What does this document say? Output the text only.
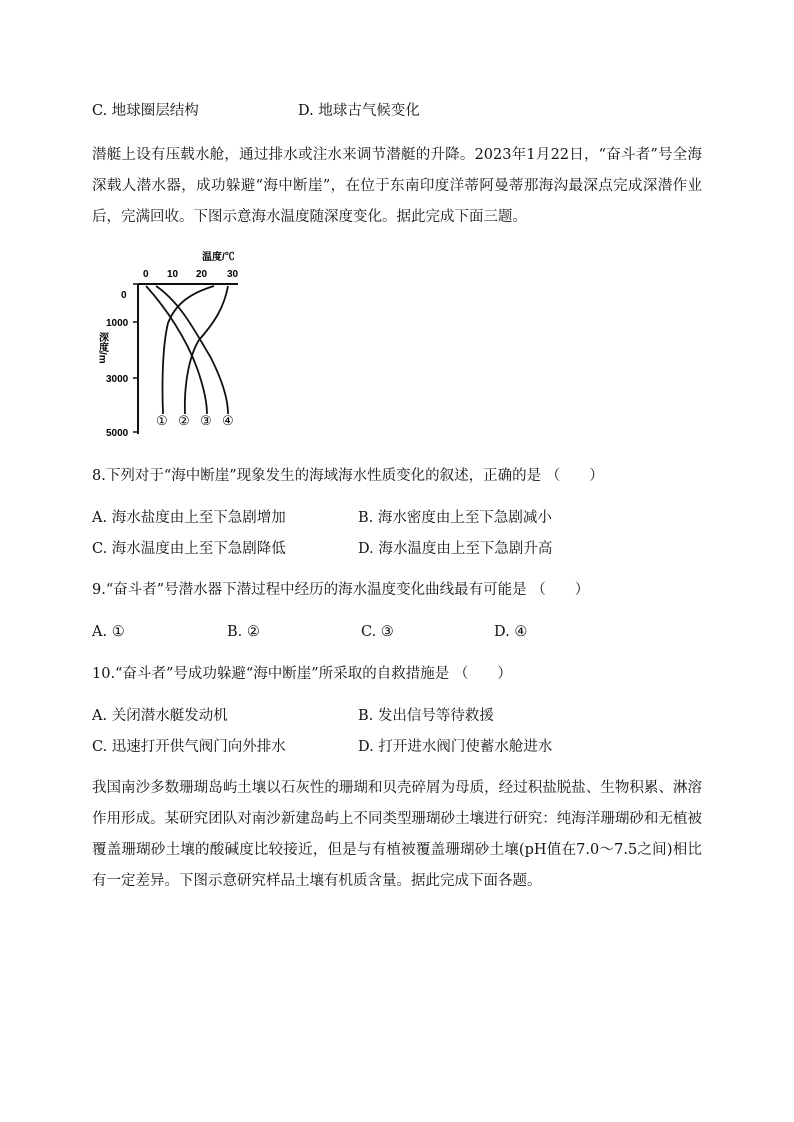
C. 地球圈层结构	D. 地球古气候变化
潜艇上设有压载水舱，通过排水或注水来调节潜艇的升降。2023年1月22日，“奋斗者”号全海深载人潜水器，成功躲避“海中断崖”，在位于东南印度洋蒂阿曼蒂那海沟最深点完成深潜作业后，完满回收。下图示意海水温度随深度变化。据此完成下面三题。
温度/℃
0 10 20 30
0
1000
3000
5000
深度/m
① ② ③ ④
8.下列对于“海中断崖”现象发生的海域海水性质变化的叙述，正确的是 （　　）
A. 海水盐度由上至下急剧增加	B. 海水密度由上至下急剧减小
C. 海水温度由上至下急剧降低	D. 海水温度由上至下急剧升高
9.“奋斗者”号潜水器下潜过程中经历的海水温度变化曲线最有可能是 （　　）
A. ①	B. ②	C. ③	D. ④
10.“奋斗者”号成功躲避“海中断崖”所采取的自救措施是 （　　）
A. 关闭潜水艇发动机	B. 发出信号等待救援
C. 迅速打开供气阀门向外排水	D. 打开进水阀门使蓄水舱进水
我国南沙多数珊瑚岛屿土壤以石灰性的珊瑚和贝壳碎屑为母质，经过积盐脱盐、生物积累、淋溶作用形成。某研究团队对南沙新建岛屿上不同类型珊瑚砂土壤进行研究：纯海洋珊瑚砂和无植被覆盖珊瑚砂土壤的酸碱度比较接近，但是与有植被覆盖珊瑚砂土壤(pH值在7.0～7.5之间)相比有一定差异。下图示意研究样品土壤有机质含量。据此完成下面各题。
